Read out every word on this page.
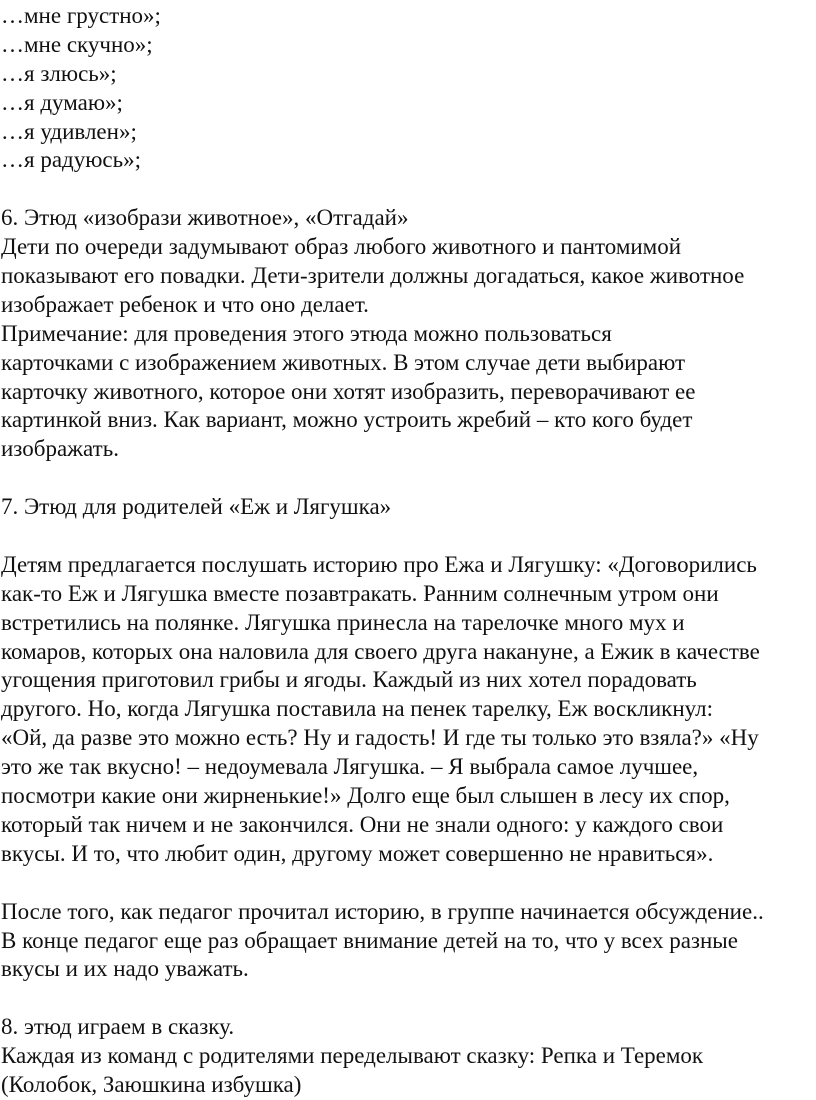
…мне грустно»;
…мне скучно»;
…я злюсь»;
…я думаю»;
…я удивлен»;
…я радуюсь»;
6. Этюд «изобрази животное», «Отгадай»
Дети по очереди задумывают образ любого животного и пантомимой
показывают его повадки. Дети-зрители должны догадаться, какое животное
изображает ребенок и что оно делает.
Примечание: для проведения этого этюда можно пользоваться
карточками с изображением животных. В этом случае дети выбирают
карточку животного, которое они хотят изобразить, переворачивают ее
картинкой вниз. Как вариант, можно устроить жребий – кто кого будет
изображать.
7. Этюд для родителей «Еж и Лягушка»
Детям предлагается послушать историю про Ежа и Лягушку: «Договорились
как-то Еж и Лягушка вместе позавтракать. Ранним солнечным утром они
встретились на полянке. Лягушка принесла на тарелочке много мух и
комаров, которых она наловила для своего друга накануне, а Ежик в качестве
угощения приготовил грибы и ягоды. Каждый из них хотел порадовать
другого. Но, когда Лягушка поставила на пенек тарелку, Еж воскликнул:
«Ой, да разве это можно есть? Ну и гадость! И где ты только это взяла?» «Ну
это же так вкусно! – недоумевала Лягушка. – Я выбрала самое лучшее,
посмотри какие они жирненькие!» Долго еще был слышен в лесу их спор,
который так ничем и не закончился. Они не знали одного: у каждого свои
вкусы. И то, что любит один, другому может совершенно не нравиться».
После того, как педагог прочитал историю, в группе начинается обсуждение..
В конце педагог еще раз обращает внимание детей на то, что у всех разные
вкусы и их надо уважать.
8. этюд играем в сказку.
Каждая из команд с родителями переделывают сказку: Репка и Теремок
(Колобок, Заюшкина избушка)
